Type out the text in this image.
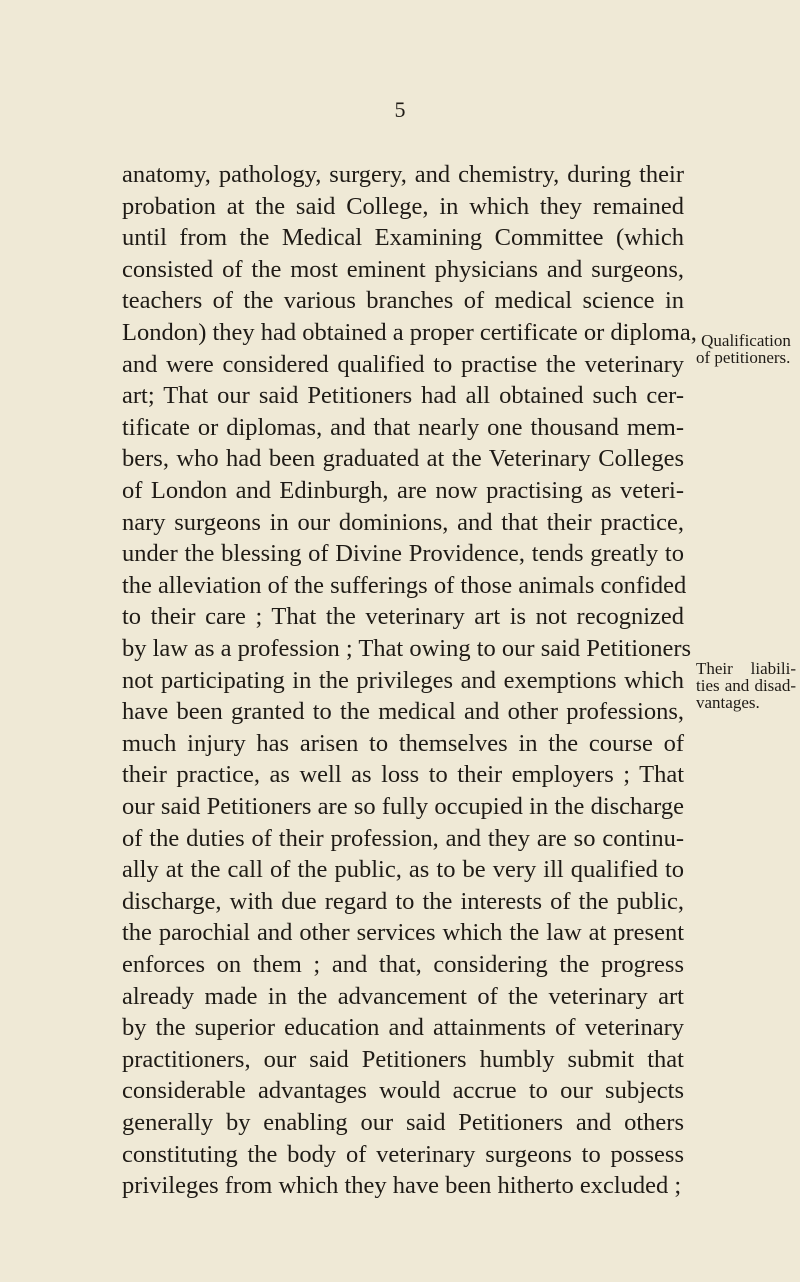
5
anatomy, pathology, surgery, and chemistry, during their
probation at the said College, in which they remained
until from the Medical Examining Committee (which
consisted of the most eminent physicians and surgeons,
teachers of the various branches of medical science in
London) they had obtained a proper certificate or diploma,
and were considered qualified to practise the veterinary
art; That our said Petitioners had all obtained such cer-
tificate or diplomas, and that nearly one thousand mem-
bers, who had been graduated at the Veterinary Colleges
of London and Edinburgh, are now practising as veteri-
nary surgeons in our dominions, and that their practice,
under the blessing of Divine Providence, tends greatly to
the alleviation of the sufferings of those animals confided
to their care ; That the veterinary art is not recognized
by law as a profession ; That owing to our said Petitioners
not participating in the privileges and exemptions which
have been granted to the medical and other professions,
much injury has arisen to themselves in the course of
their practice, as well as loss to their employers ; That
our said Petitioners are so fully occupied in the discharge
of the duties of their profession, and they are so continu-
ally at the call of the public, as to be very ill qualified to
discharge, with due regard to the interests of the public,
the parochial and other services which the law at present
enforces on them ; and that, considering the progress
already made in the advancement of the veterinary art
by the superior education and attainments of veterinary
practitioners, our said Petitioners humbly submit that
considerable advantages would accrue to our subjects
generally by enabling our said Petitioners and others
constituting the body of veterinary surgeons to possess
privileges from which they have been hitherto excluded ;
Qualification
of petitioners.
Their liabili-
ties and disad-
vantages.
